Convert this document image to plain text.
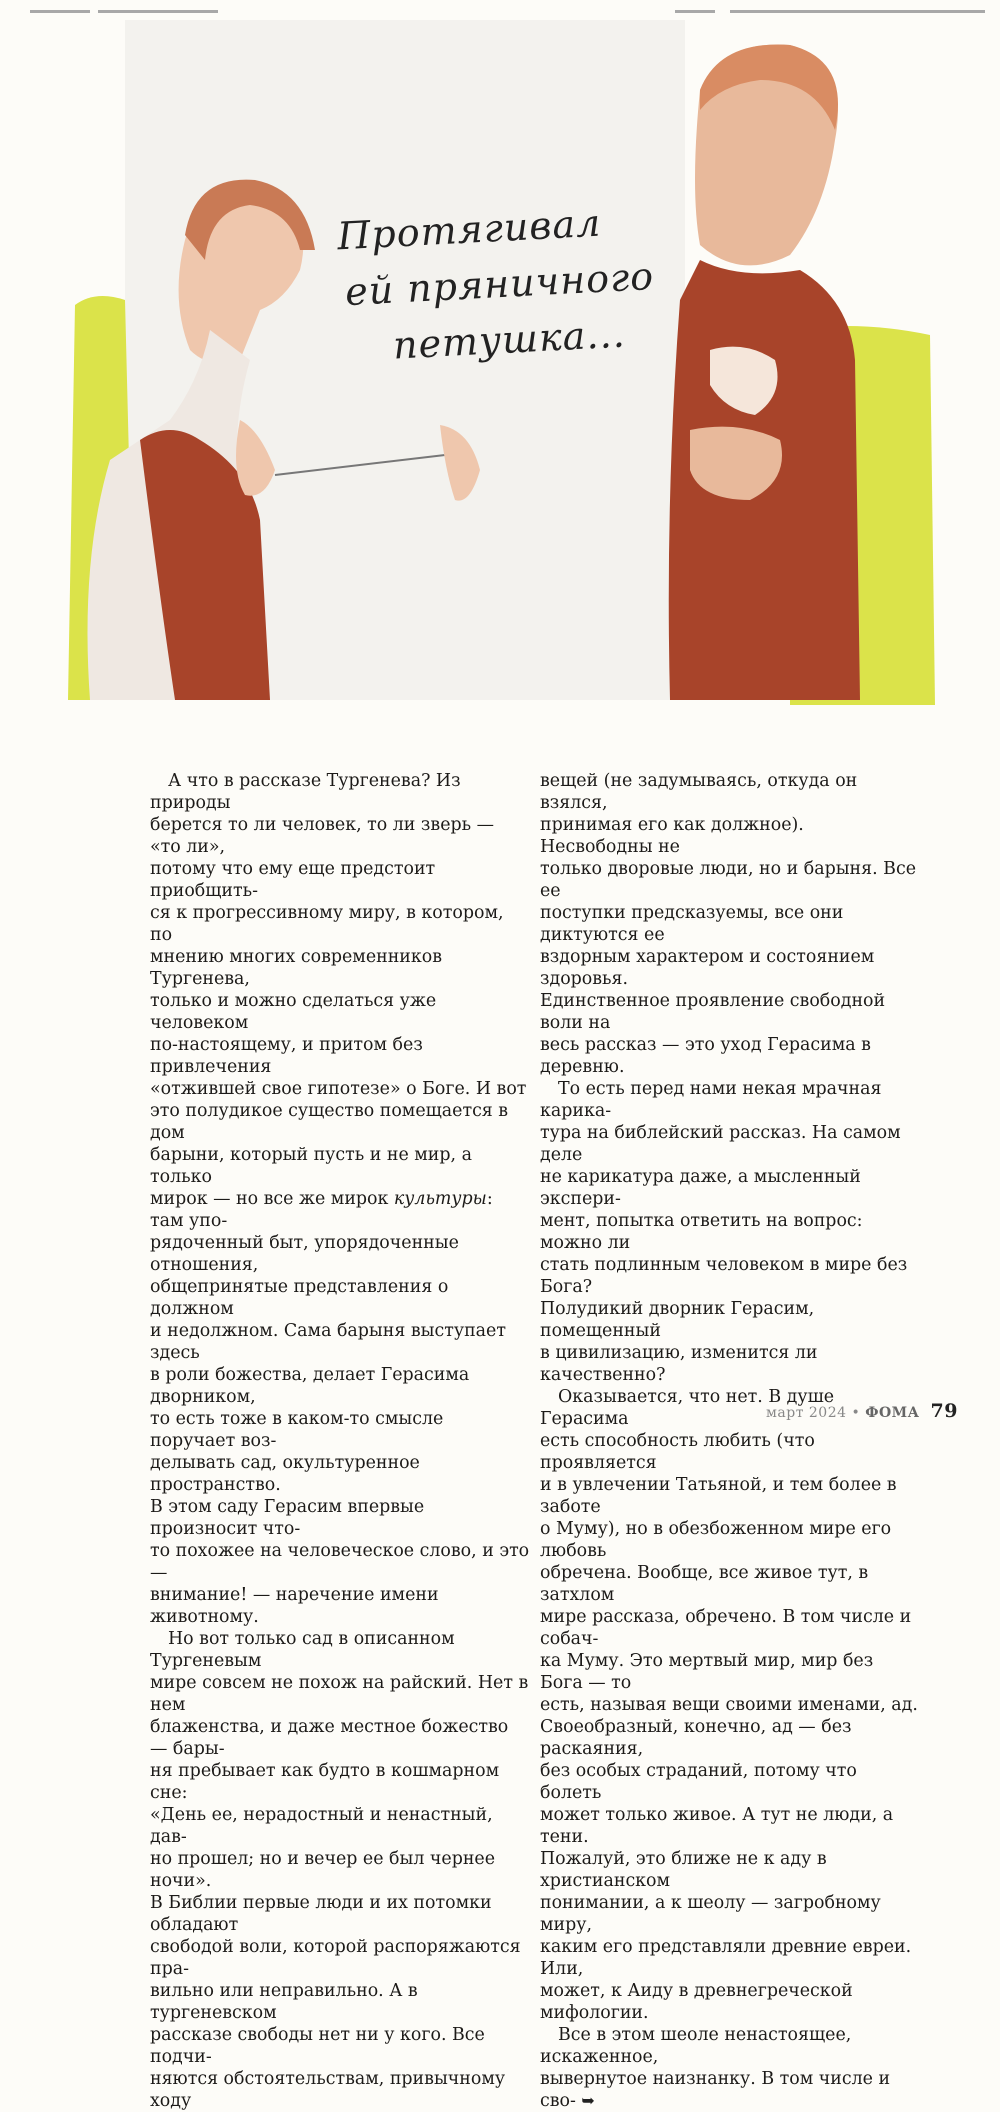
Протягивал
ей пряничного
петушка...

А что в рассказе Тургенева? Из природы
берется то ли человек, то ли зверь — «то ли»,
потому что ему еще предстоит приобщить-
ся к прогрессивному миру, в котором, по
мнению многих современников Тургенева,
только и можно сделаться уже человеком
по-настоящему, и притом без привлечения
«отжившей свое гипотезе» о Боге. И вот
это полудикое существо помещается в дом
барыни, который пусть и не мир, а только
мирок — но все же мирок культуры: там упо-
рядоченный быт, упорядоченные отношения,

общепринятые представления о должном
и недолжном. Сама барыня выступает здесь
в роли божества, делает Герасима дворником,
то есть тоже в каком-то смысле поручает воз-
делывать сад, окультуренное пространство.
В этом саду Герасим впервые произносит что-
то похожее на человеческое слово, и это —
внимание! — наречение имени животному.

Но вот только сад в описанном Тургеневым
мире совсем не похож на райский. Нет в нем
блаженства, и даже местное божество — бары-
ня пребывает как будто в кошмарном сне:
«День ее, нерадостный и ненастный, дав-
но прошел; но и вечер ее был чернее ночи».
В Библии первые люди и их потомки обладают
свободой воли, которой распоряжаются пра-
вильно или неправильно. А в тургеневском
рассказе свободы нет ни у кого. Все подчи-
няются обстоятельствам, привычному ходу

вещей (не задумываясь, откуда он взялся,
принимая его как должное). Несвободны не
только дворовые люди, но и барыня. Все ее
поступки предсказуемы, все они диктуются ее
вздорным характером и состоянием здоровья.
Единственное проявление свободной воли на
весь рассказ — это уход Герасима в деревню.

То есть перед нами некая мрачная карика-
тура на библейский рассказ. На самом деле
не карикатура даже, а мысленный экспери-
мент, попытка ответить на вопрос: можно ли
стать подлинным человеком в мире без Бога?
Полудикий дворник Герасим, помещенный
в цивилизацию, изменится ли качественно?

Оказывается, что нет. В душе Герасима
есть способность любить (что проявляется
и в увлечении Татьяной, и тем более в заботе
о Муму), но в обезбоженном мире его любовь
обречена. Вообще, все живое тут, в затхлом
мире рассказа, обречено. В том числе и собач-
ка Муму. Это мертвый мир, мир без Бога — то
есть, называя вещи своими именами, ад.
Своеобразный, конечно, ад — без раскаяния,
без особых страданий, потому что болеть
может только живое. А тут не люди, а тени.
Пожалуй, это ближе не к аду в христианском
понимании, а к шеолу — загробному миру,
каким его представляли древние евреи. Или,
может, к Аиду в древнегреческой мифологии.

Все в этом шеоле ненастоящее, искаженное,
вывернутое наизнанку. В том числе и сво- ➥

март 2024 • ФОМА 79
